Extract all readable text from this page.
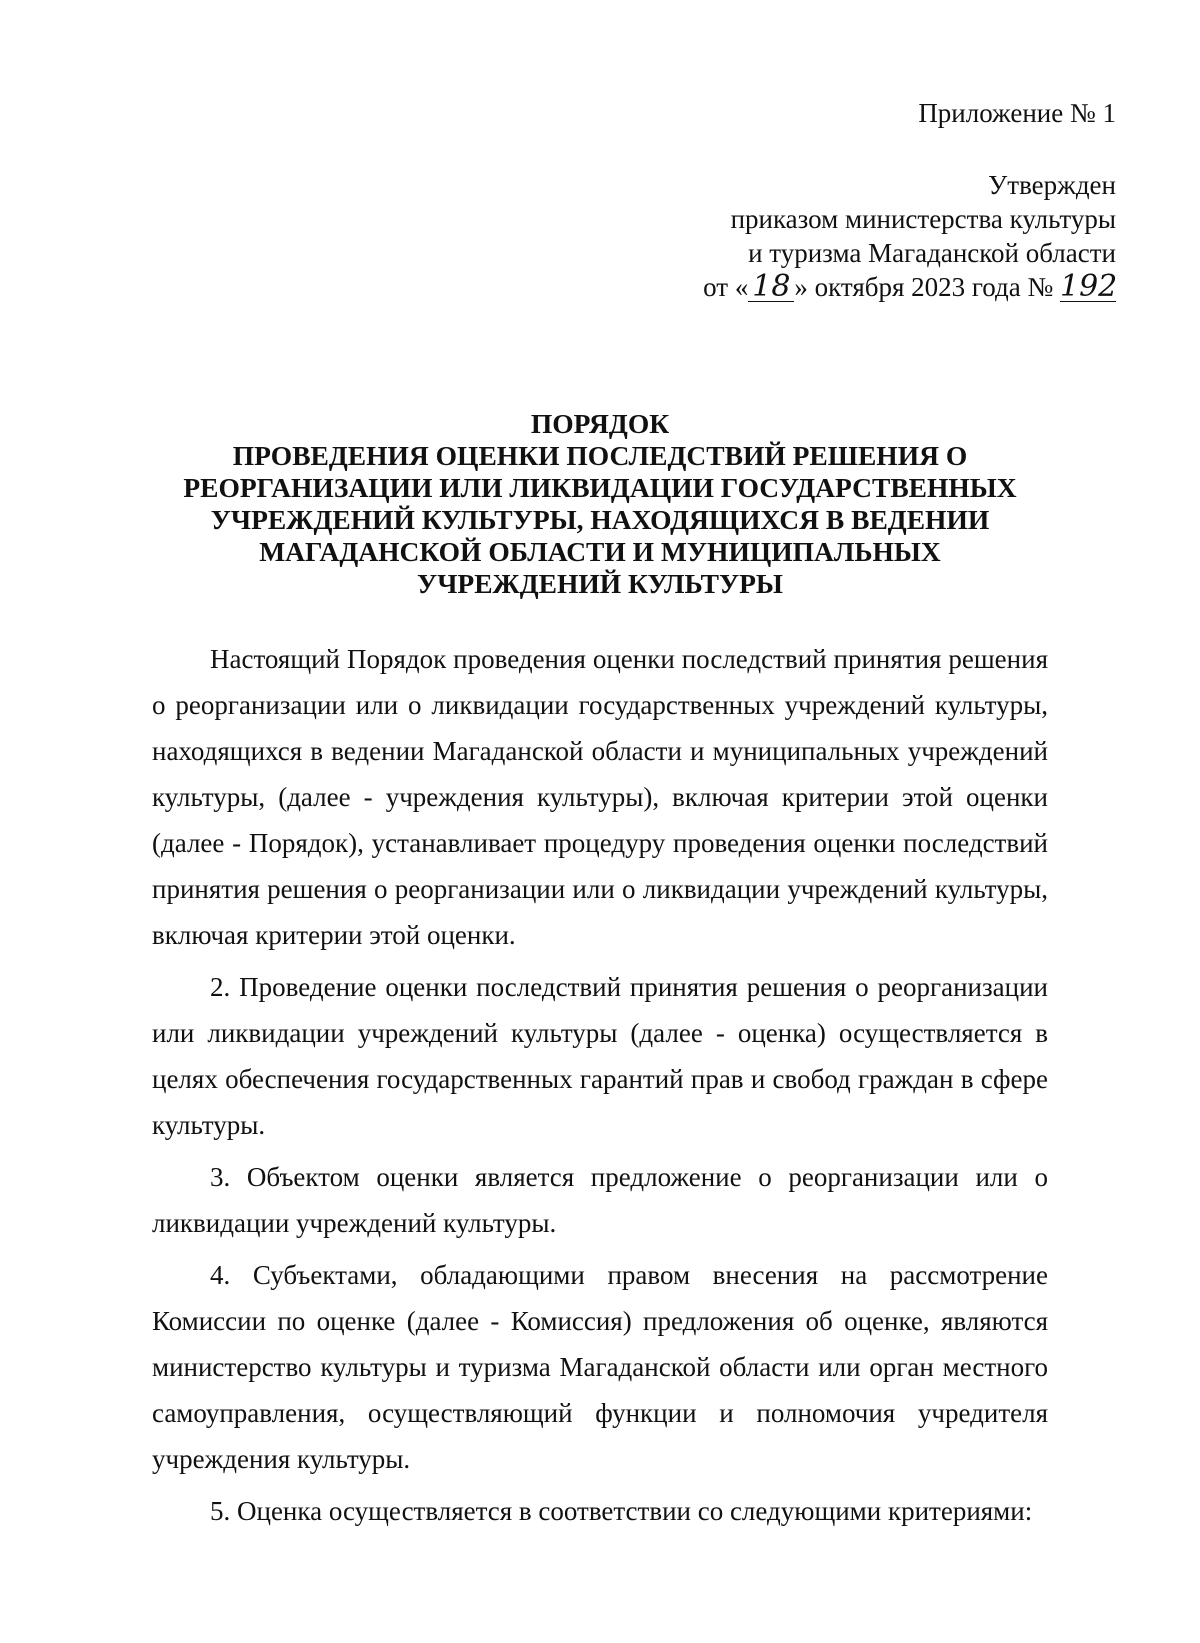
Приложение № 1
Утвержден
приказом министерства культуры
и туризма Магаданской области
от « 18 » октября 2023 года № 192
ПОРЯДОК
ПРОВЕДЕНИЯ ОЦЕНКИ ПОСЛЕДСТВИЙ РЕШЕНИЯ О
РЕОРГАНИЗАЦИИ ИЛИ ЛИКВИДАЦИИ ГОСУДАРСТВЕННЫХ
УЧРЕЖДЕНИЙ КУЛЬТУРЫ, НАХОДЯЩИХСЯ В ВЕДЕНИИ
МАГАДАНСКОЙ ОБЛАСТИ И МУНИЦИПАЛЬНЫХ
УЧРЕЖДЕНИЙ КУЛЬТУРЫ

Настоящий Порядок проведения оценки последствий принятия решения о реорганизации или о ликвидации государственных учреждений культуры, находящихся в ведении Магаданской области и муниципальных учреждений культуры, (далее - учреждения культуры), включая критерии этой оценки (далее - Порядок), устанавливает процедуру проведения оценки последствий принятия решения о реорганизации или о ликвидации учреждений культуры, включая критерии этой оценки.

2. Проведение оценки последствий принятия решения о реорганизации или ликвидации учреждений культуры (далее - оценка) осуществляется в целях обеспечения государственных гарантий прав и свобод граждан в сфере культуры.

3. Объектом оценки является предложение о реорганизации или о ликвидации учреждений культуры.

4. Субъектами, обладающими правом внесения на рассмотрение Комиссии по оценке (далее - Комиссия) предложения об оценке, являются министерство культуры и туризма Магаданской области или орган местного самоуправления, осуществляющий функции и полномочия учредителя учреждения культуры.

5. Оценка осуществляется в соответствии со следующими критериями:
